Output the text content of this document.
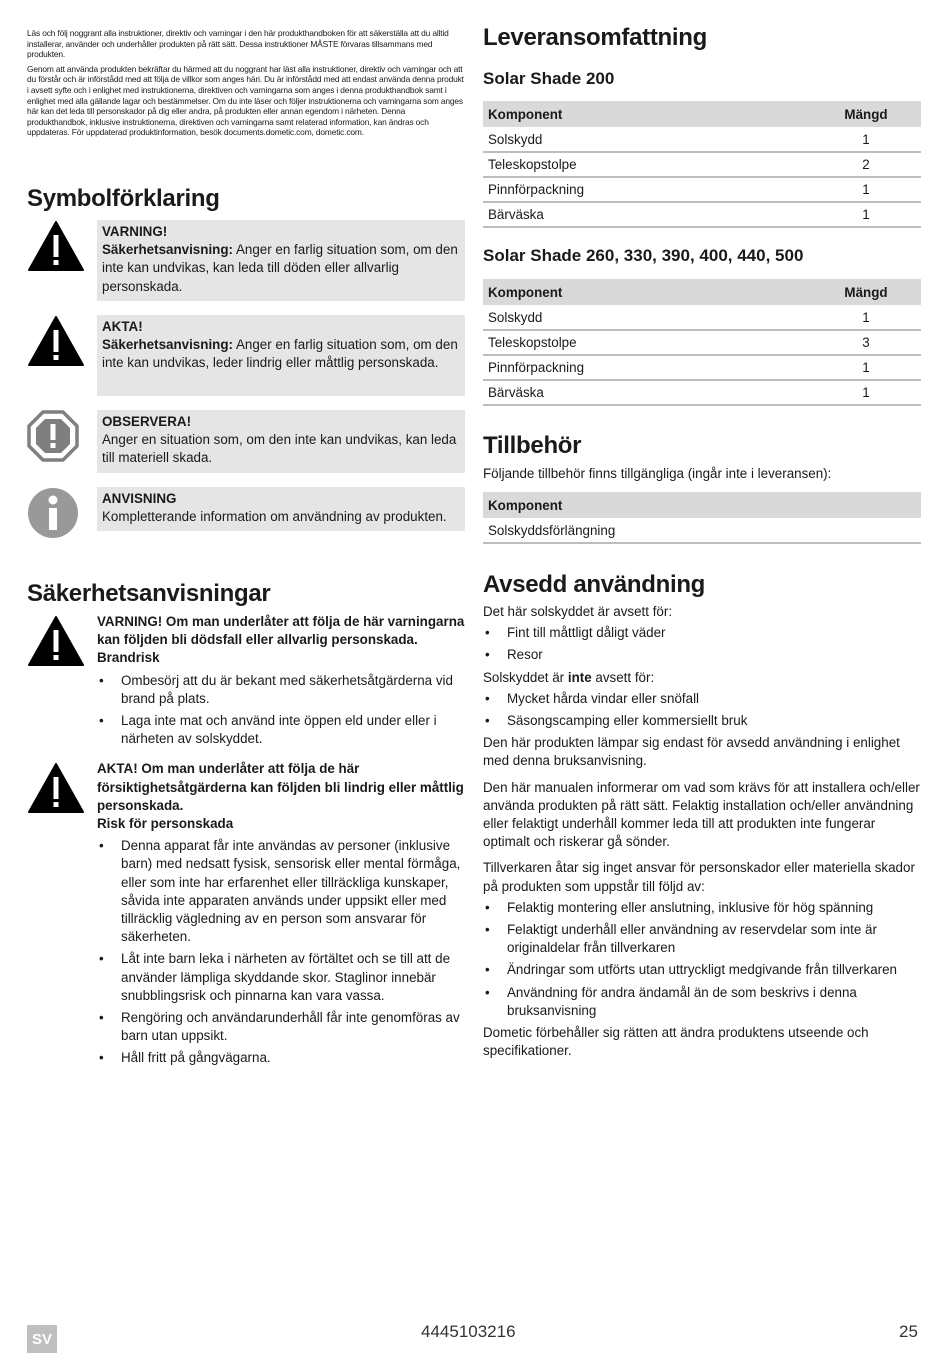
Läs och följ noggrant alla instruktioner, direktiv och varningar i den här produkthandboken för att säkerställa att du alltid installerar, använder och underhåller produkten på rätt sätt. Dessa instruktioner MÅSTE förvaras tillsammans med produkten.

Genom att använda produkten bekräftar du härmed att du noggrant har läst alla instruktioner, direktiv och varningar och att du förstår och är införstådd med att följa de villkor som anges häri. Du är införstådd med att endast använda denna produkt i avsett syfte och i enlighet med instruktionerna, direktiven och varningarna som anges i denna produkthandbok samt i enlighet med alla gällande lagar och bestämmelser. Om du inte läser och följer instruktionerna och varningarna som anges här kan det leda till personskador på dig eller andra, på produkten eller annan egendom i närheten. Denna produkthandbok, inklusive instruktionerna, direktiven och varningarna samt relaterad information, kan ändras och uppdateras. För uppdaterad produktinformation, besök documents.dometic.com, dometic.com.

Symbolförklaring
VARNING!
Säkerhetsanvisning: Anger en farlig situation som, om den inte kan undvikas, kan leda till döden eller allvarlig personskada.
AKTA!
Säkerhetsanvisning: Anger en farlig situation som, om den inte kan undvikas, leder lindrig eller måttlig personskada.
OBSERVERA!
Anger en situation som, om den inte kan undvikas, kan leda till materiell skada.
ANVISNING
Kompletterande information om användning av produkten.
Säkerhetsanvisningar

VARNING! Om man underlåter att följa de här varningarna kan följden bli dödsfall eller allvarlig personskada.

Brandrisk

• Ombesörj att du är bekant med säkerhetsåtgärderna vid brand på plats.
• Laga inte mat och använd inte öppen eld under eller i närheten av solskyddet.

AKTA! Om man underlåter att följa de här försiktighetsåtgärderna kan följden bli lindrig eller måttlig personskada.

Risk för personskada

• Denna apparat får inte användas av personer (inklusive barn) med nedsatt fysisk, sensorisk eller mental förmåga, eller som inte har erfarenhet eller tillräckliga kunskaper, såvida inte apparaten används under uppsikt eller med tillräcklig vägledning av en person som ansvarar för säkerheten.
• Låt inte barn leka i närheten av förtältet och se till att de använder lämpliga skyddande skor. Staglinor innebär snubblingsrisk och pinnarna kan vara vassa.
• Rengöring och användarunderhåll får inte genomföras av barn utan uppsikt.
• Håll fritt på gångvägarna.
Leveransomfattning
Solar Shade 200
Komponent	Mängd
Solskydd	1
Teleskopstolpe	2
Pinnförpackning	1
Bärväska	1
Solar Shade 260, 330, 390, 400, 440, 500
Komponent	Mängd
Solskydd	1
Teleskopstolpe	3
Pinnförpackning	1
Bärväska	1
Tillbehör

Följande tillbehör finns tillgängliga (ingår inte i leveransen):

Komponent
Solskyddsförlängning
Avsedd användning

Det här solskyddet är avsett för:

• Fint till måttligt dåligt väder
• Resor

Solskyddet är inte avsett för:

• Mycket hårda vindar eller snöfall
• Säsongscamping eller kommersiellt bruk

Den här produkten lämpar sig endast för avsedd användning i enlighet med denna bruksanvisning.

Den här manualen informerar om vad som krävs för att installera och/eller använda produkten på rätt sätt. Felaktig installation och/eller användning eller felaktigt underhåll kommer leda till att produkten inte fungerar optimalt och riskerar gå sönder.

Tillverkaren åtar sig inget ansvar för personskador eller materiella skador på produkten som uppstår till följd av:

• Felaktig montering eller anslutning, inklusive för hög spänning
• Felaktigt underhåll eller användning av reservdelar som inte är originaldelar från tillverkaren
• Ändringar som utförts utan uttryckligt medgivande från tillverkaren
• Användning för andra ändamål än de som beskrivs i denna bruksanvisning

Dometic förbehåller sig rätten att ändra produktens utseende och specifikationer.

SV	4445103216	25
